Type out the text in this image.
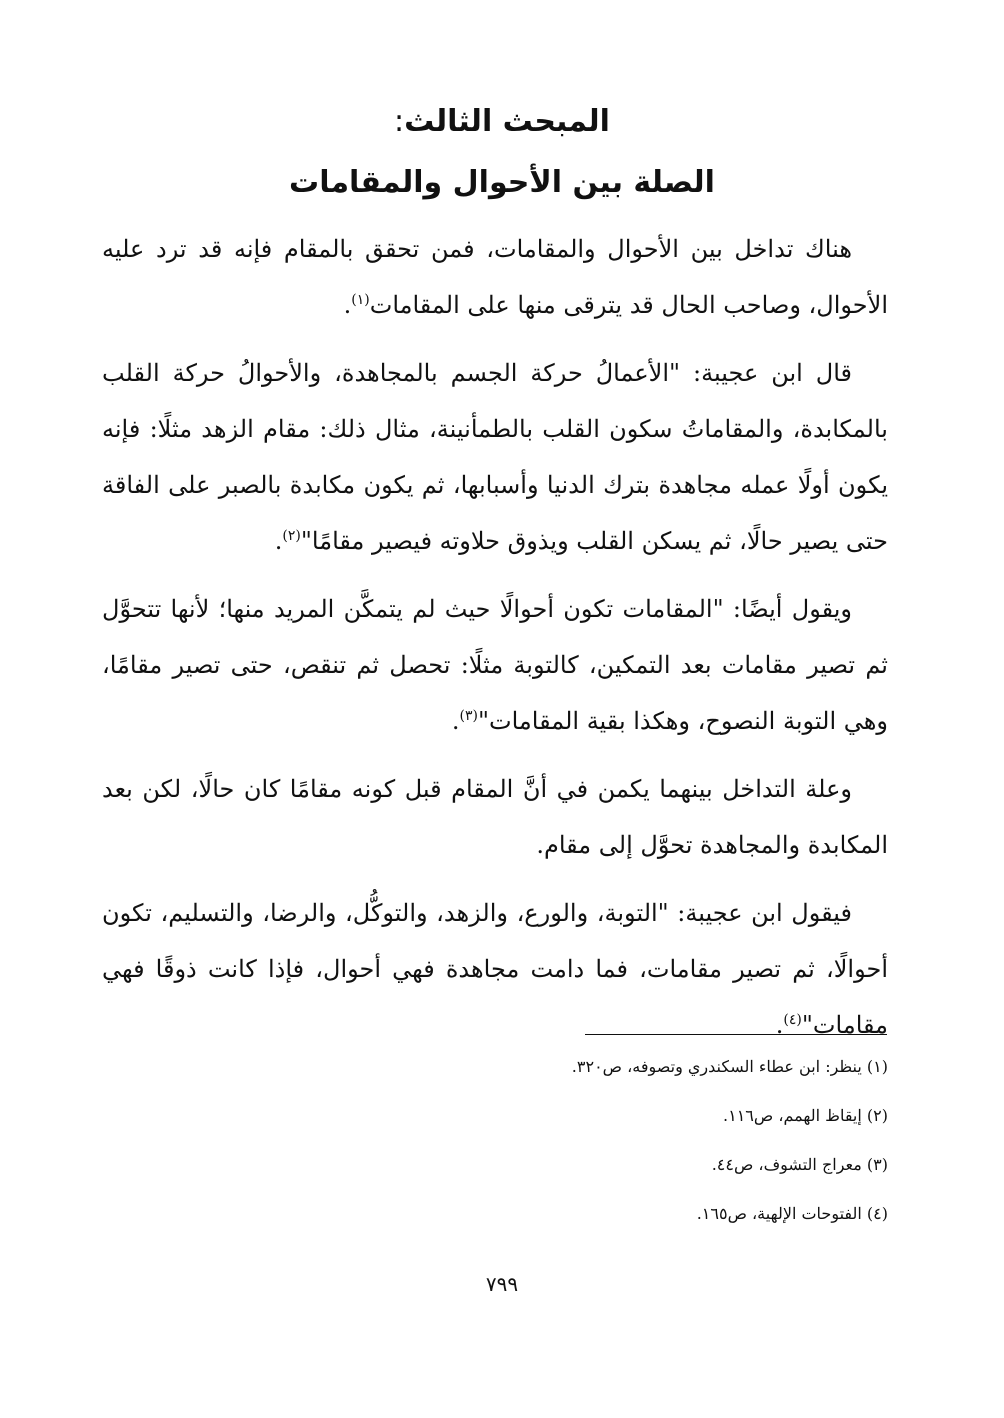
المبحث الثالث:
الصلة بين الأحوال والمقامات

هناك تداخل بين الأحوال والمقامات، فمن تحقق بالمقام فإنه قد ترد عليه الأحوال، وصاحب الحال قد يترقى منها على المقامات$^{(١)}$.

قال ابن عجيبة: "الأعمالُ حركة الجسم بالمجاهدة، والأحوالُ حركة القلب بالمكابدة، والمقاماتُ سكون القلب بالطمأنينة، مثال ذلك: مقام الزهد مثلًا: فإنه يكون أولًا عمله مجاهدة بترك الدنيا وأسبابها، ثم يكون مكابدة بالصبر على الفاقة حتى يصير حالًا، ثم يسكن القلب ويذوق حلاوته فيصير مقامًا"$^{(٢)}$.

ويقول أيضًا: "المقامات تكون أحوالًا حيث لم يتمكَّن المريد منها؛ لأنها تتحوَّل ثم تصير مقامات بعد التمكين، كالتوبة مثلًا: تحصل ثم تنقص، حتى تصير مقامًا، وهي التوبة النصوح، وهكذا بقية المقامات"$^{(٣)}$.

وعلة التداخل بينهما يكمن في أنَّ المقام قبل كونه مقامًا كان حالًا، لكن بعد المكابدة والمجاهدة تحوَّل إلى مقام.

فيقول ابن عجيبة: "التوبة، والورع، والزهد، والتوكُّل، والرضا، والتسليم، تكون أحوالًا، ثم تصير مقامات، فما دامت مجاهدة فهي أحوال، فإذا كانت ذوقًا فهي مقامات"$^{(٤)}$.

(١) ينظر: ابن عطاء السكندري وتصوفه، ص٣٢٠.
(٢) إيقاظ الهمم، ص١١٦.
(٣) معراج التشوف، ص٤٤.
(٤) الفتوحات الإلهية، ص١٦٥.
٧٩٩
